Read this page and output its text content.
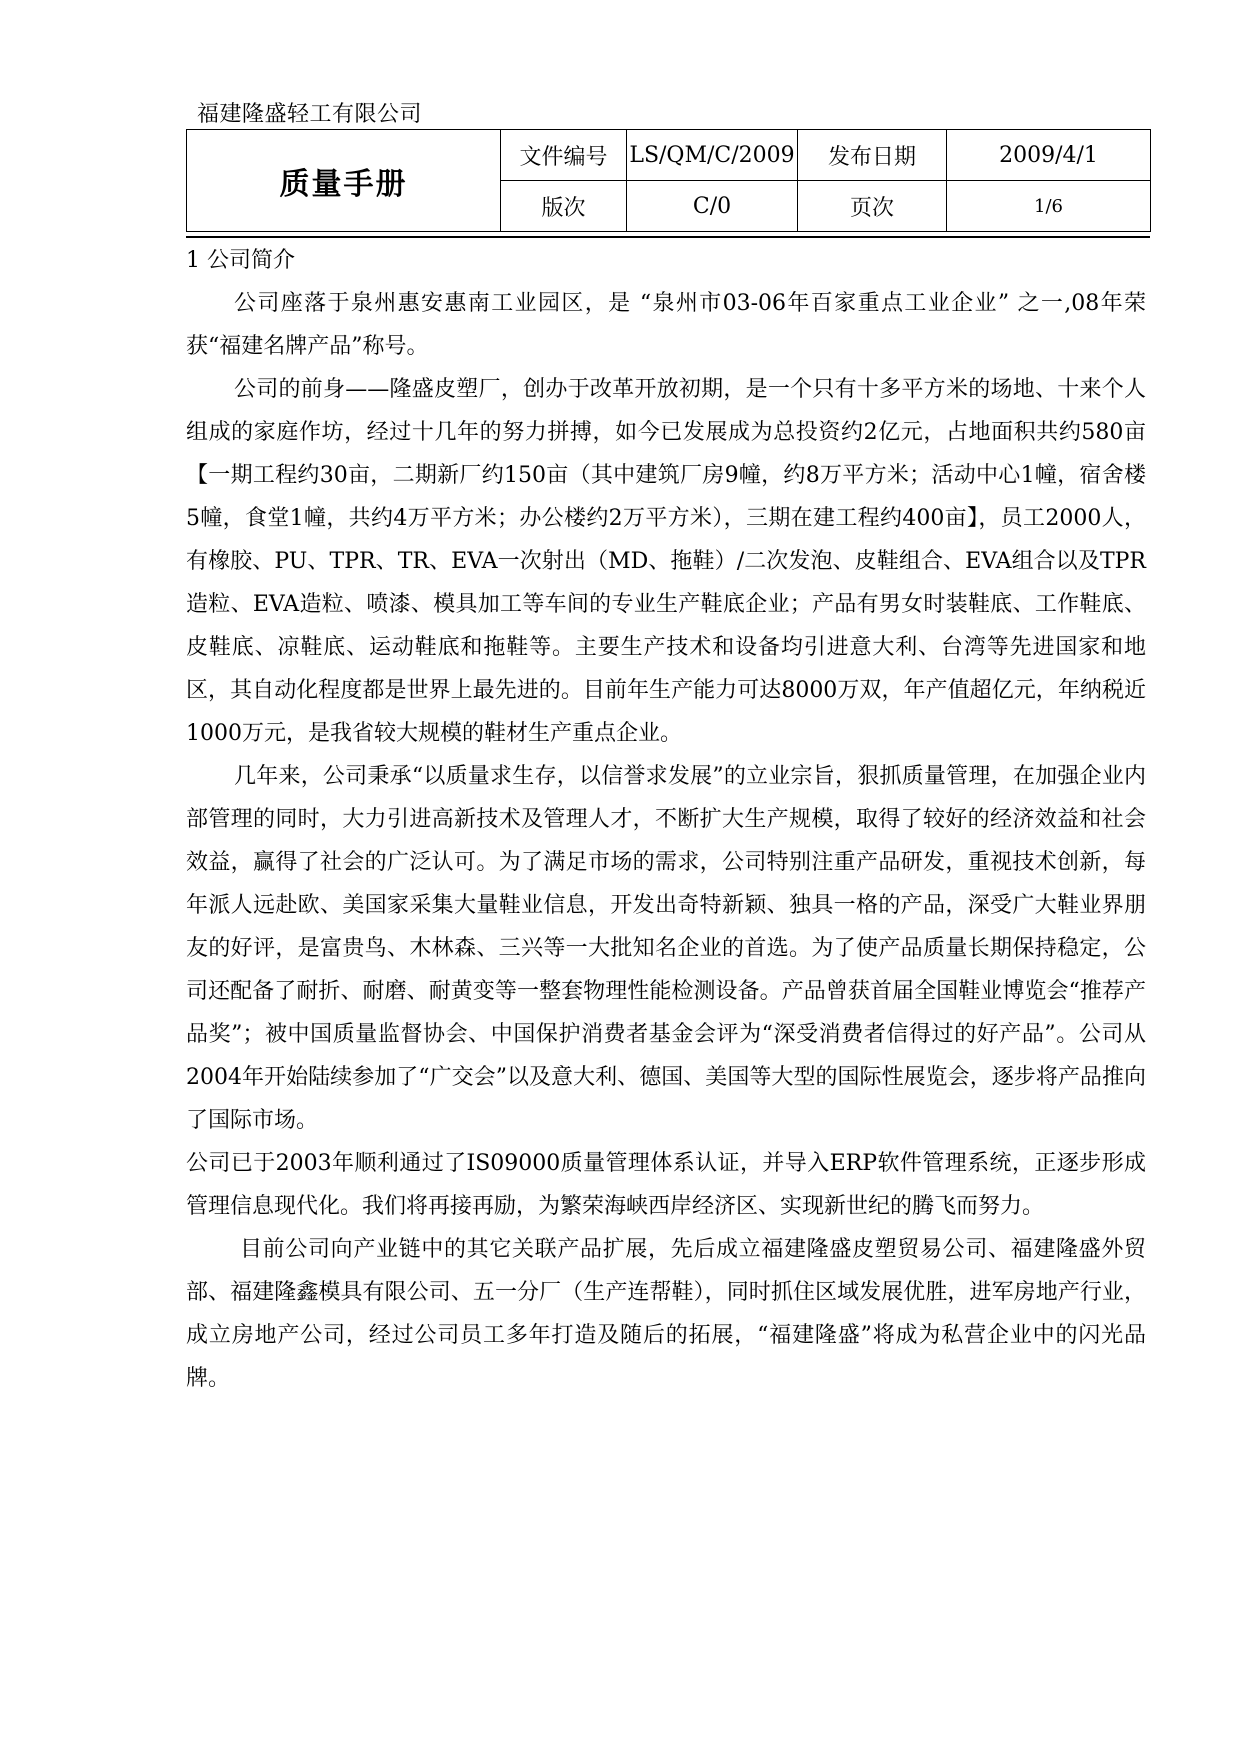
福建隆盛轻工有限公司
质量手册	文件编号	LS/QM/C/2009	发布日期	2009/4/1
	版次	C/0	页次	1/6
1 公司简介

公司座落于泉州惠安惠南工业园区，是 “泉州市03-06年百家重点工业企业” 之一,08年荣获“福建名牌产品”称号。

公司的前身——隆盛皮塑厂，创办于改革开放初期，是一个只有十多平方米的场地、十来个人组成的家庭作坊，经过十几年的努力拼搏，如今已发展成为总投资约2亿元，占地面积共约580亩【一期工程约30亩，二期新厂约150亩（其中建筑厂房9幢，约8万平方米；活动中心1幢，宿舍楼5幢，食堂1幢，共约4万平方米；办公楼约2万平方米），三期在建工程约400亩】，员工2000人，有橡胶、PU、TPR、TR、EVA一次射出（MD、拖鞋）/二次发泡、皮鞋组合、EVA组合以及TPR造粒、EVA造粒、喷漆、模具加工等车间的专业生产鞋底企业；产品有男女时装鞋底、工作鞋底、皮鞋底、凉鞋底、运动鞋底和拖鞋等。主要生产技术和设备均引进意大利、台湾等先进国家和地区，其自动化程度都是世界上最先进的。目前年生产能力可达8000万双，年产值超亿元，年纳税近1000万元，是我省较大规模的鞋材生产重点企业。

几年来，公司秉承“以质量求生存，以信誉求发展”的立业宗旨，狠抓质量管理，在加强企业内部管理的同时，大力引进高新技术及管理人才，不断扩大生产规模，取得了较好的经济效益和社会效益，赢得了社会的广泛认可。为了满足市场的需求，公司特别注重产品研发，重视技术创新，每年派人远赴欧、美国家采集大量鞋业信息，开发出奇特新颖、独具一格的产品，深受广大鞋业界朋友的好评，是富贵鸟、木林森、三兴等一大批知名企业的首选。为了使产品质量长期保持稳定，公司还配备了耐折、耐磨、耐黄变等一整套物理性能检测设备。产品曾获首届全国鞋业博览会“推荐产品奖”；被中国质量监督协会、中国保护消费者基金会评为“深受消费者信得过的好产品”。公司从2004年开始陆续参加了“广交会”以及意大利、德国、美国等大型的国际性展览会，逐步将产品推向了国际市场。

公司已于2003年顺利通过了IS09000质量管理体系认证，并导入ERP软件管理系统，正逐步形成管理信息现代化。我们将再接再励，为繁荣海峡西岸经济区、实现新世纪的腾飞而努力。

目前公司向产业链中的其它关联产品扩展，先后成立福建隆盛皮塑贸易公司、福建隆盛外贸部、福建隆鑫模具有限公司、五一分厂（生产连帮鞋），同时抓住区域发展优胜，进军房地产行业，成立房地产公司，经过公司员工多年打造及随后的拓展，“福建隆盛”将成为私营企业中的闪光品牌。
